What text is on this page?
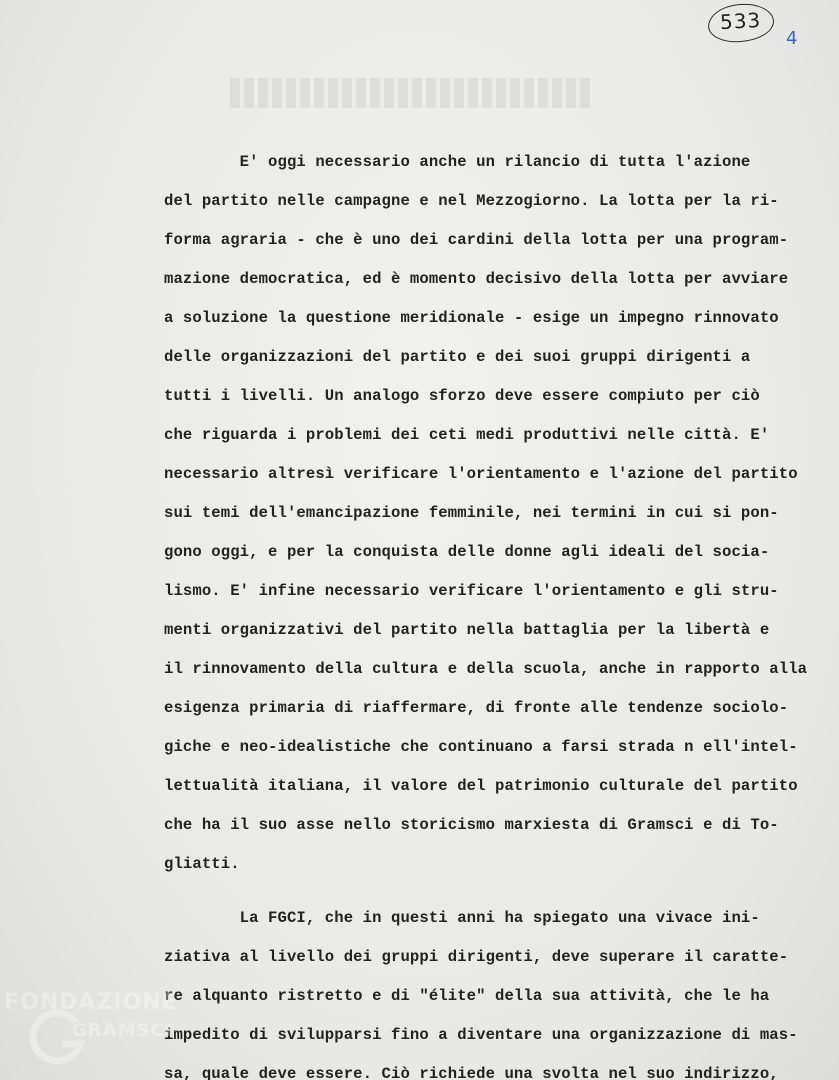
533
4
E' oggi necessario anche un rilancio di tutta l'azione
del partito nelle campagne e nel Mezzogiorno. La lotta per la ri-
forma agraria - che è uno dei cardini della lotta per una program-
mazione democratica, ed è momento decisivo della lotta per avviare
a soluzione la questione meridionale - esige un impegno rinnovato
delle organizzazioni del partito e dei suoi gruppi dirigenti a
tutti i livelli. Un analogo sforzo deve essere compiuto per ciò
che riguarda i problemi dei ceti medi produttivi nelle città. E'
necessario altresì verificare l'orientamento e l'azione del partito
sui temi dell'emancipazione femminile, nei termini in cui si pon-
gono oggi, e per la conquista delle donne agli ideali del socia-
lismo. E' infine necessario verificare l'orientamento e gli stru-
menti organizzativi del partito nella battaglia per la libertà e
il rinnovamento della cultura e della scuola, anche in rapporto alla
esigenza primaria di riaffermare, di fronte alle tendenze sociolo-
giche e neo-idealistiche che continuano a farsi strada n ell'intel-
lettualità italiana, il valore del patrimonio culturale del partito
che ha il suo asse nello storicismo marxiesta di Gramsci e di To-
gliatti.
La FGCI, che in questi anni ha spiegato una vivace ini-
ziativa al livello dei gruppi dirigenti, deve superare il caratte-
re alquanto ristretto e di "élite" della sua attività, che le ha
impedito di svilupparsi fino a diventare una organizzazione di mas-
sa, quale deve essere. Ciò richiede una svolta nel suo indirizzo,
FONDAZIONE
GRAMSCI
